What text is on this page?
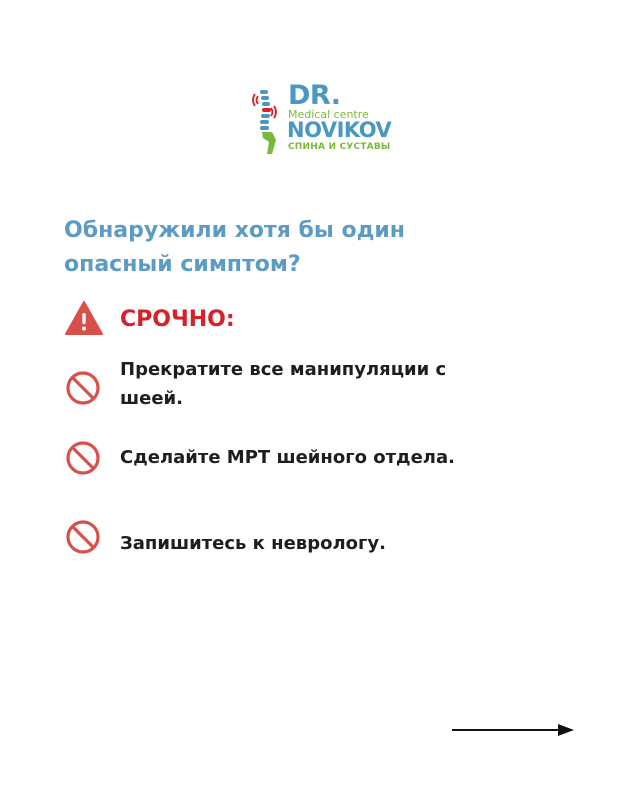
DR.
Medical centre
NOVIKOV
СПИНА И СУСТАВЫ
Обнаружили хотя бы один опасный симптом?
СРОЧНО:
Прекратите все манипуляции с шеей.
Сделайте МРТ шейного отдела.
Запишитесь к неврологу.
